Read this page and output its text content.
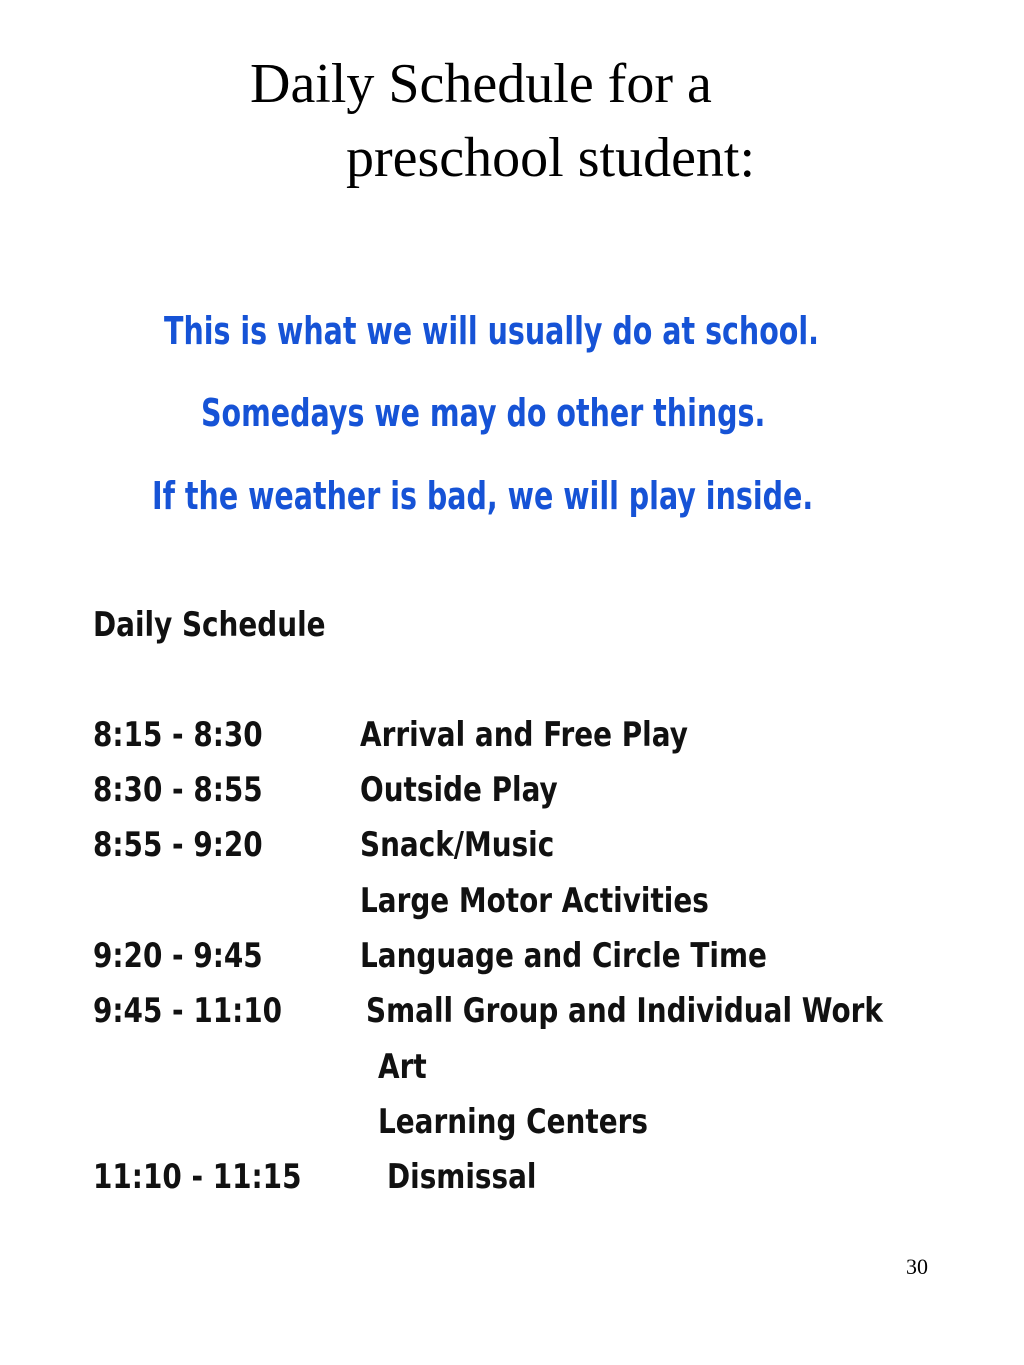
Daily Schedule for a
preschool student:
This is what we will usually do at school.
Somedays we may do other things.
If the weather is bad, we will play inside.
Daily Schedule
8:15 - 8:30	Arrival and Free Play
8:30 - 8:55	Outside Play
8:55 - 9:20	Snack/Music
Large Motor Activities
9:20 - 9:45	Language and Circle Time
9:45 - 11:10 Small Group and Individual Work
Art
Learning Centers
11:10 - 11:15	Dismissal
30
